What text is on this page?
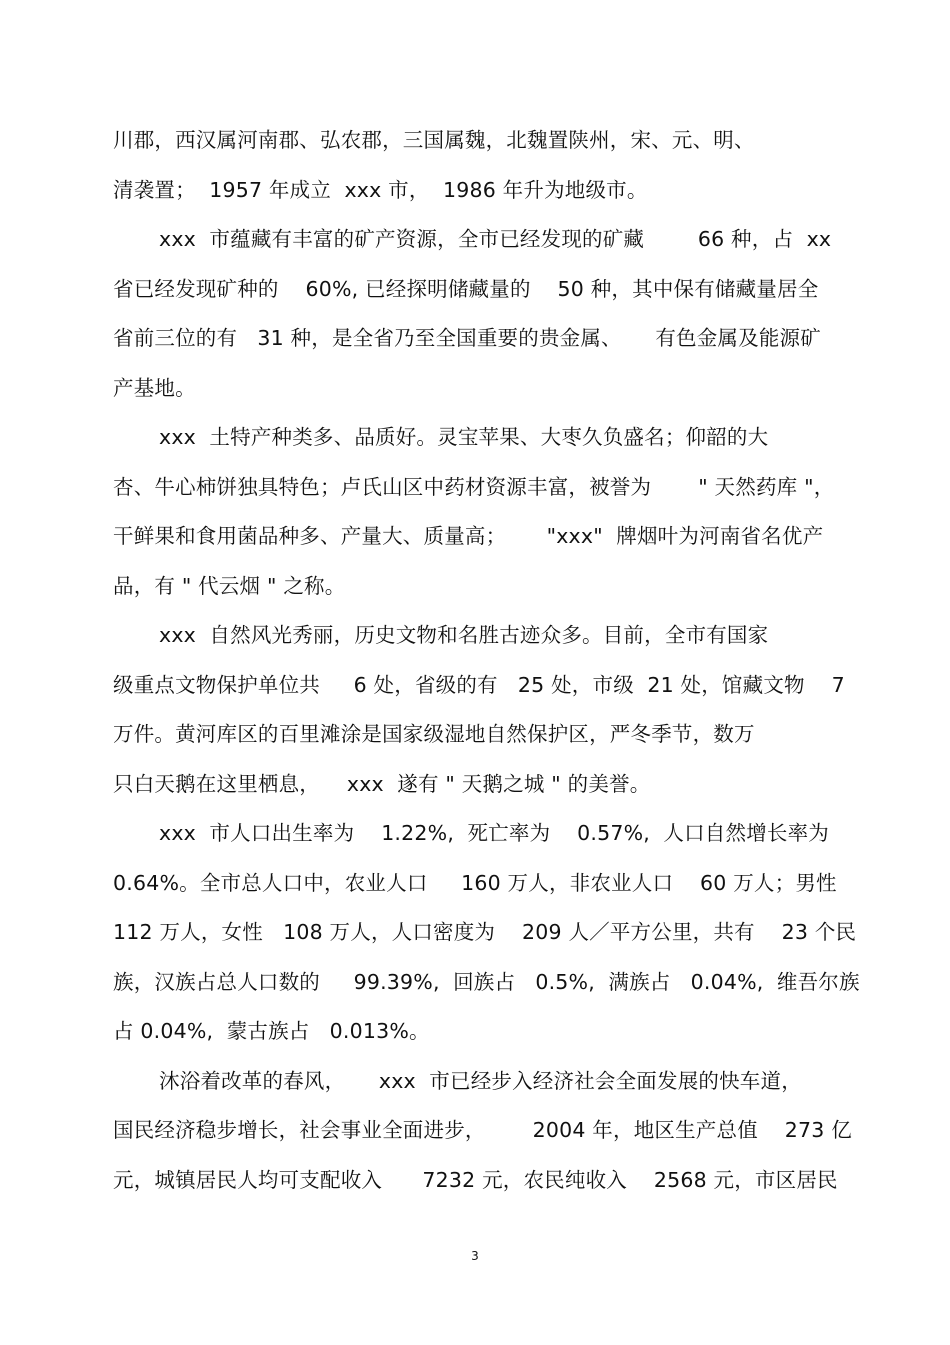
川郡，西汉属河南郡、弘农郡，三国属魏，北魏置陕州，宋、元、明、
清袭置；  1957 年成立  xxx 市，  1986 年升为地级市。
xxx  市蕴藏有丰富的矿产资源，全市已经发现的矿藏        66 种，占  xx
省已经发现矿种的    60%, 已经探明储藏量的    50 种，其中保有储藏量居全
省前三位的有   31 种，是全省乃至全国重要的贵金属、     有色金属及能源矿
产基地。
xxx  土特产种类多、品质好。灵宝苹果、大枣久负盛名；仰韶的大
杏、牛心柿饼独具特色；卢氏山区中药材资源丰富，被誉为       " 天然药库 "，
干鲜果和食用菌品种多、产量大、质量高；      "xxx"  牌烟叶为河南省名优产
品，有 " 代云烟 " 之称。
xxx  自然风光秀丽，历史文物和名胜古迹众多。目前，全市有国家
级重点文物保护单位共     6 处，省级的有   25 处，市级  21 处，馆藏文物    7
万件。黄河库区的百里滩涂是国家级湿地自然保护区，严冬季节，数万
只白天鹅在这里栖息，    xxx  遂有 " 天鹅之城 " 的美誉。
xxx  市人口出生率为    1.22%,  死亡率为    0.57%,  人口自然增长率为
0.64%。全市总人口中，农业人口     160 万人，非农业人口    60 万人；男性
112 万人，女性   108 万人，人口密度为    209 人／平方公里，共有    23 个民
族，汉族占总人口数的     99.39%,  回族占   0.5%,  满族占   0.04%,  维吾尔族
占 0.04%,  蒙古族占   0.013%。
沐浴着改革的春风，     xxx  市已经步入经济社会全面发展的快车道，
国民经济稳步增长，社会事业全面进步，       2004 年，地区生产总值    273 亿
元，城镇居民人均可支配收入      7232 元，农民纯收入    2568 元，市区居民
3
